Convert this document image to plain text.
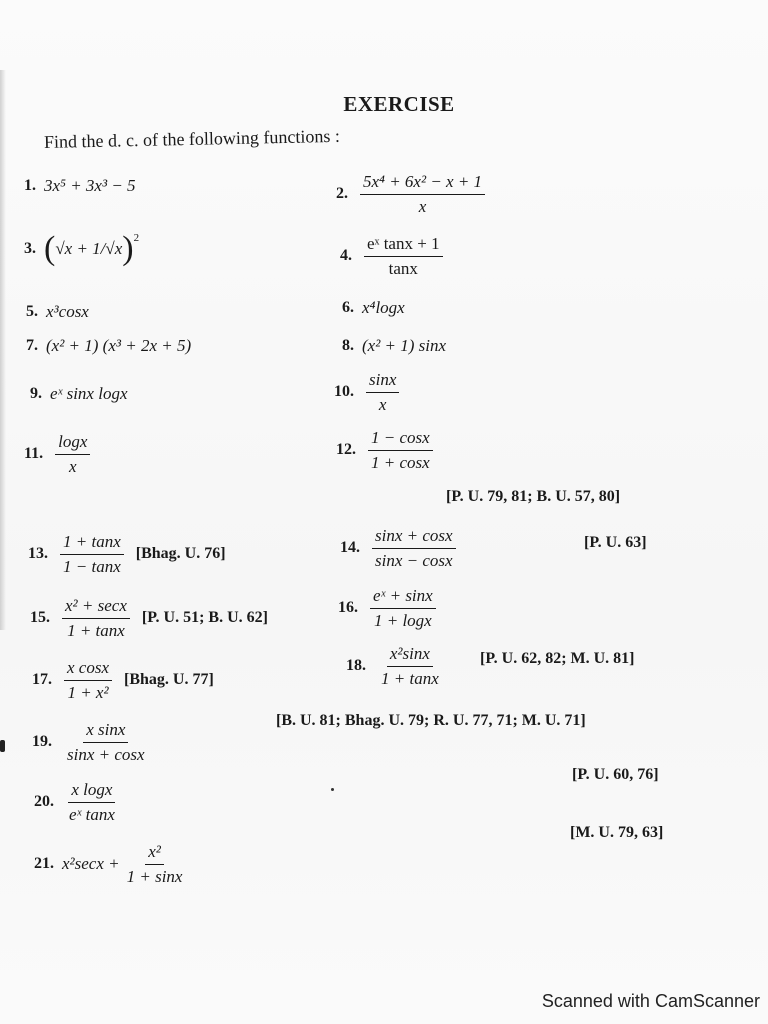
EXERCISE
Find the d. c. of the following functions :
1. 3x⁵ + 3x³ − 5	2. $\frac{\text{5x⁴ + 6x² − x + 1}}{x}$
3. ( √x + 1/√x ) 2
4. $\frac{\text{eˣ tanx + 1}}{\tan x}$
5. x³cosx	6. x⁴logx
7. (x² + 1) (x³ + 2x + 5)	8. (x² + 1) sinx
9. eˣ sinx logx	10. $\frac{\sin x}{x}$
11. $\frac{\log x}{x}$	12. $\frac{1 - \cos x}{1 + \cos x}$
[P. U. 79, 81; B. U. 57, 80]
13. $\frac{1 + \tan x}{1 - \tan x}$ [Bhag. U. 76]	14. $\frac{\sin x + \cos x}{\sin x - \cos x}$	[P. U. 63]
15. $\frac{\text{x² + secx}}{1 + \tan x} [P$. U. 51; B. U. 62]
16. $\frac{\text{eˣ + sinx}}{1 + \log x}$
17. $\frac{\text{x cosx}}{\text{1 + x²}}$ [Bhag. U. 77]
18. $\frac{\text{x²sinx}}{1 + \tan x} [P$. U. 62, 82; M. U. 81]
19. $\frac{\text{x sinx}}{\sin x + \cos x}$	[B. U. 81; Bhag. U. 79; R. U. 77, 71; M. U. 71]
20. $\frac{\text{x logx}}{\text{eˣ tanx}}$
[P. U. 60, 76]
21. $x^2\sec x + \frac{\text{x²}}{1 + \sin x}$
[M. U. 79, 63]
Scanned with CamScanner
